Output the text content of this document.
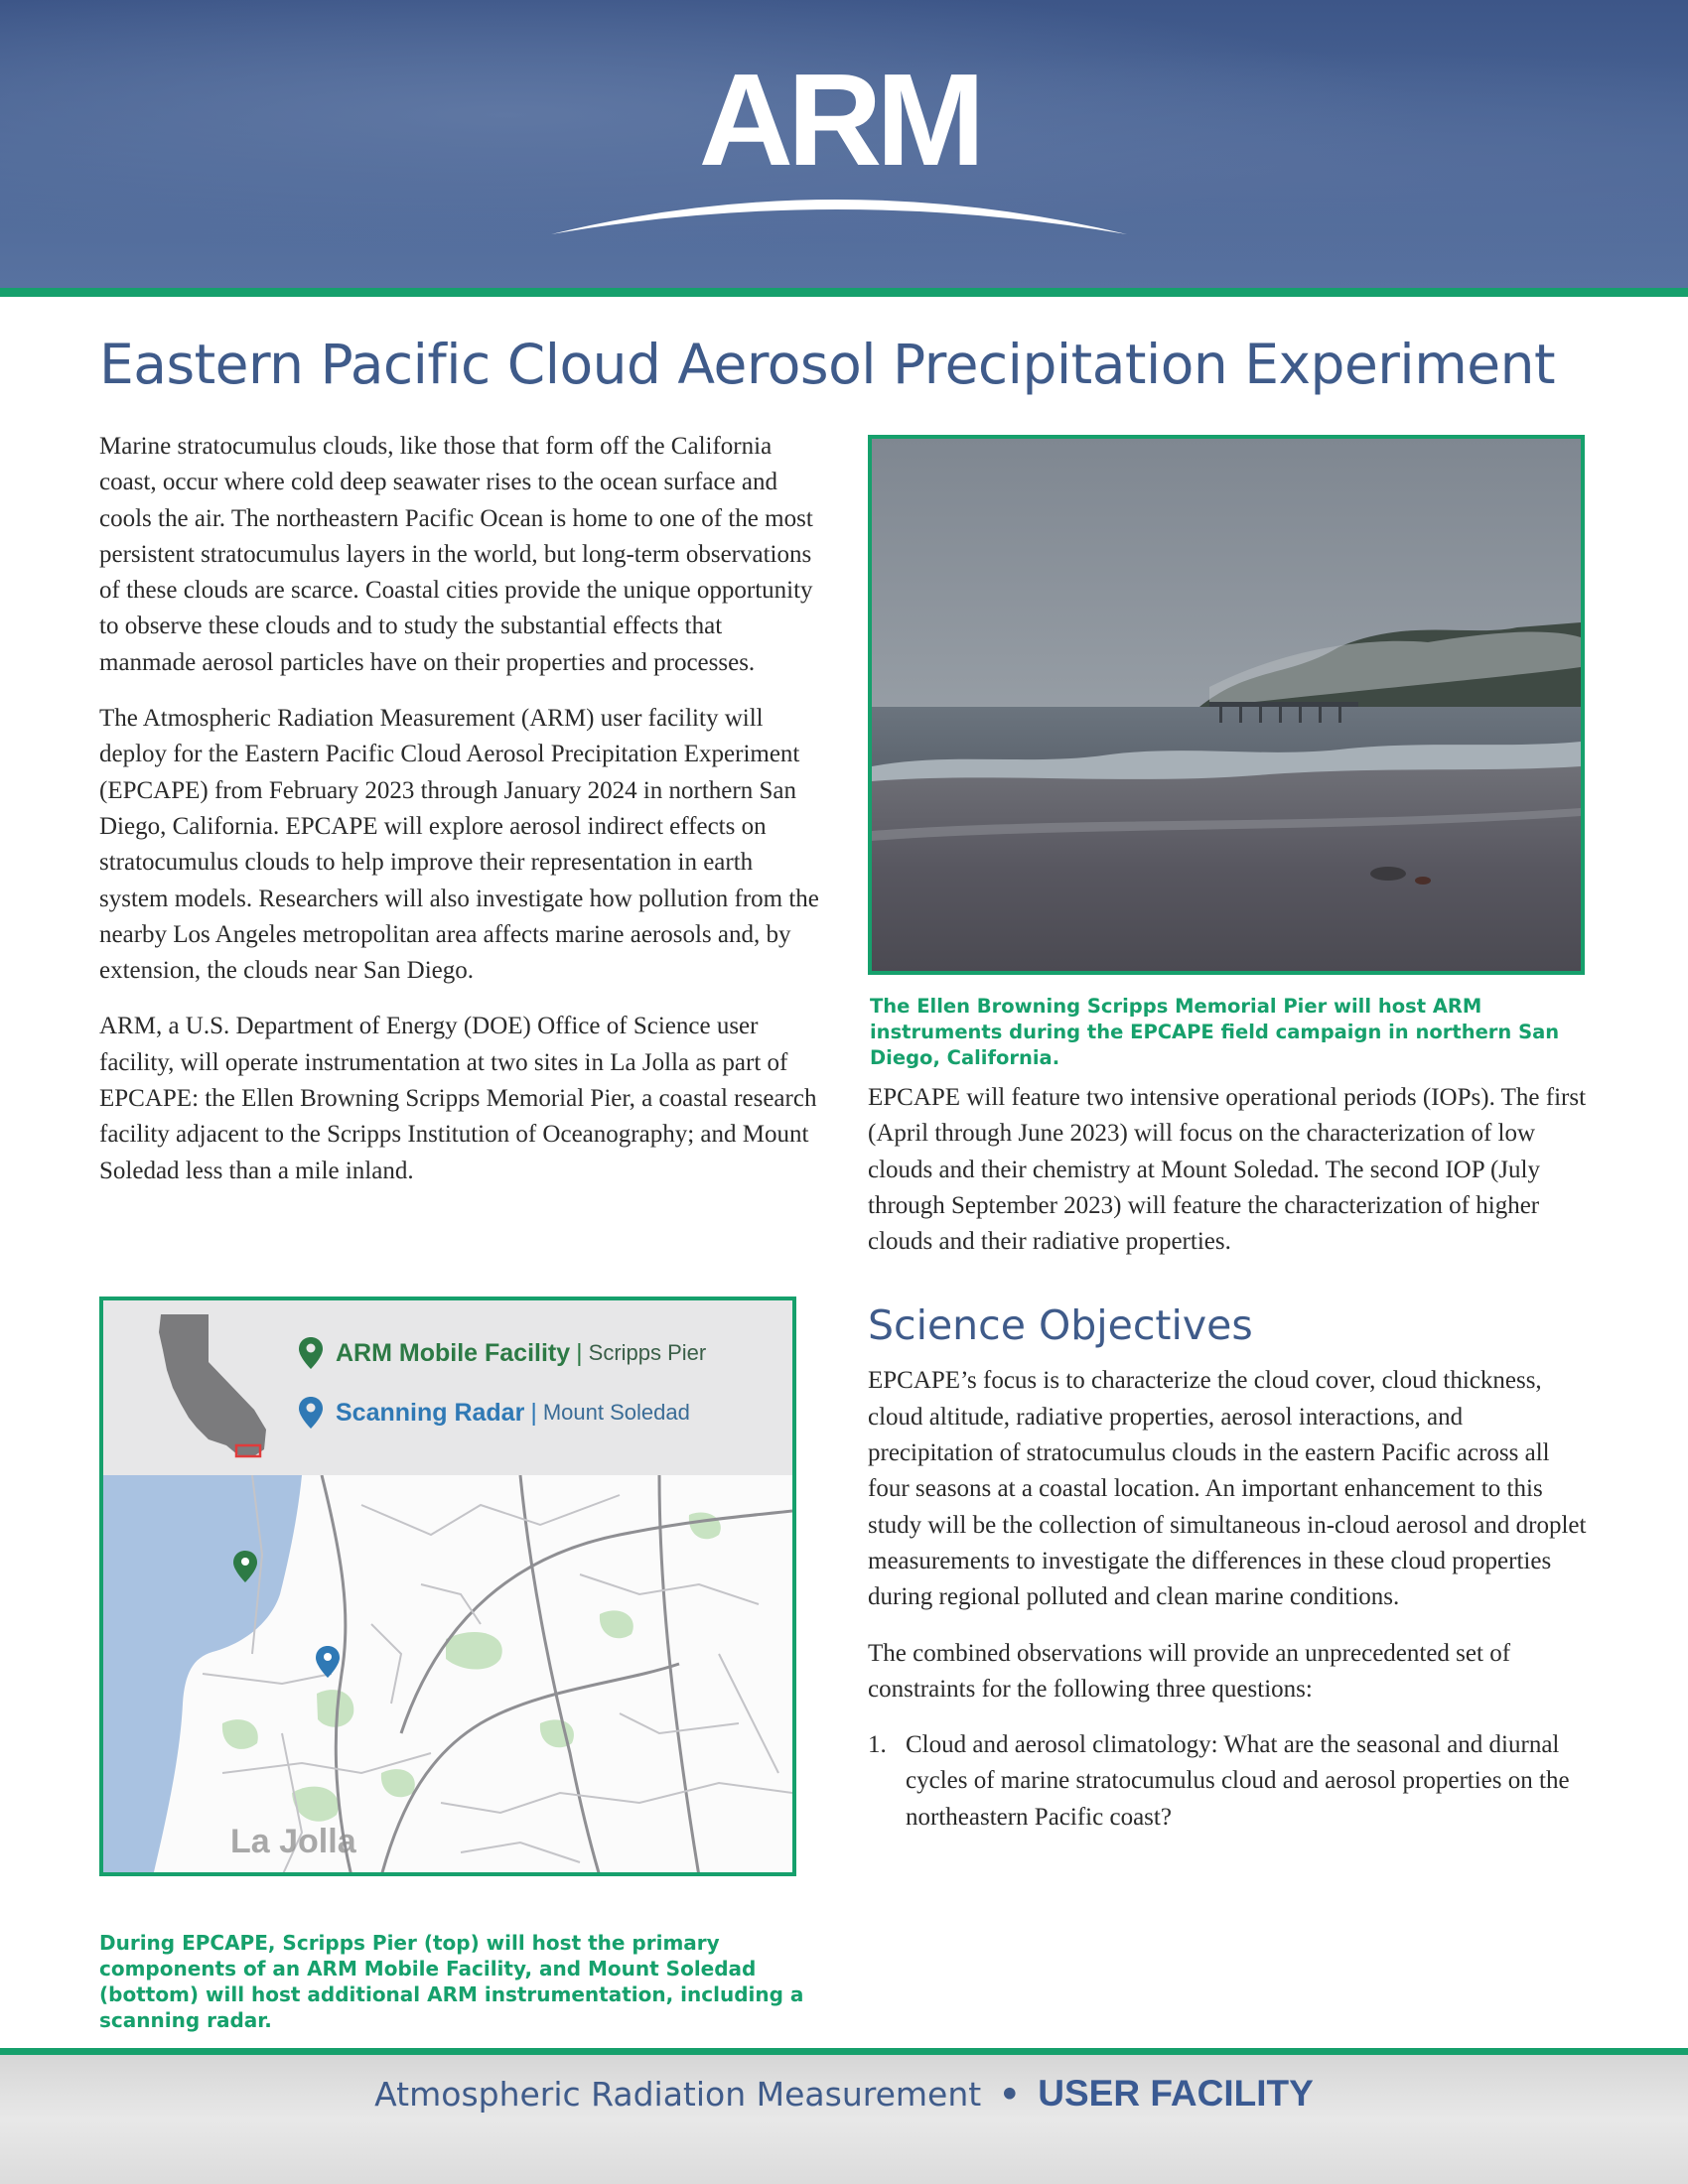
ARM
Eastern Pacific Cloud Aerosol Precipitation Experiment

Marine stratocumulus clouds, like those that form off the California coast, occur where cold deep seawater rises to the ocean surface and cools the air. The northeastern Pacific Ocean is home to one of the most persistent stratocumulus layers in the world, but long-term observations of these clouds are scarce. Coastal cities provide the unique opportunity to observe these clouds and to study the substantial effects that manmade aerosol particles have on their properties and processes.

The Atmospheric Radiation Measurement (ARM) user facility will deploy for the Eastern Pacific Cloud Aerosol Precipitation Experiment (EPCAPE) from February 2023 through January 2024 in northern San Diego, California. EPCAPE will explore aerosol indirect effects on stratocumulus clouds to help improve their representation in earth system models. Researchers will also investigate how pollution from the nearby Los Angeles metropolitan area affects marine aerosols and, by extension, the clouds near San Diego.

ARM, a U.S. Department of Energy (DOE) Office of Science user facility, will operate instrumentation at two sites in La Jolla as part of EPCAPE: the Ellen Browning Scripps Memorial Pier, a coastal research facility adjacent to the Scripps Institution of Oceanography; and Mount Soledad less than a mile inland.

The Ellen Browning Scripps Memorial Pier will host ARM instruments during the EPCAPE field campaign in northern San Diego, California.

EPCAPE will feature two intensive operational periods (IOPs). The first (April through June 2023) will focus on the characterization of low clouds and their chemistry at Mount Soledad. The second IOP (July through September 2023) will feature the characterization of higher clouds and their radiative properties.

Science Objectives

EPCAPE’s focus is to characterize the cloud cover, cloud thickness, cloud altitude, radiative properties, aerosol interactions, and precipitation of stratocumulus clouds in the eastern Pacific across all four seasons at a coastal location. An important enhancement to this study will be the collection of simultaneous in-cloud aerosol and droplet measurements to investigate the differences in these cloud properties during regional polluted and clean marine conditions.

The combined observations will provide an unprecedented set of constraints for the following three questions:

1. Cloud and aerosol climatology: What are the seasonal and diurnal cycles of marine stratocumulus cloud and aerosol properties on the northeastern Pacific coast?
ARM Mobile Facility | Scripps Pier
Scanning Radar | Mount Soledad
La Jolla

During EPCAPE, Scripps Pier (top) will host the primary components of an ARM Mobile Facility, and Mount Soledad (bottom) will host additional ARM instrumentation, including a scanning radar.

Atmospheric Radiation Measurement • USER FACILITY
